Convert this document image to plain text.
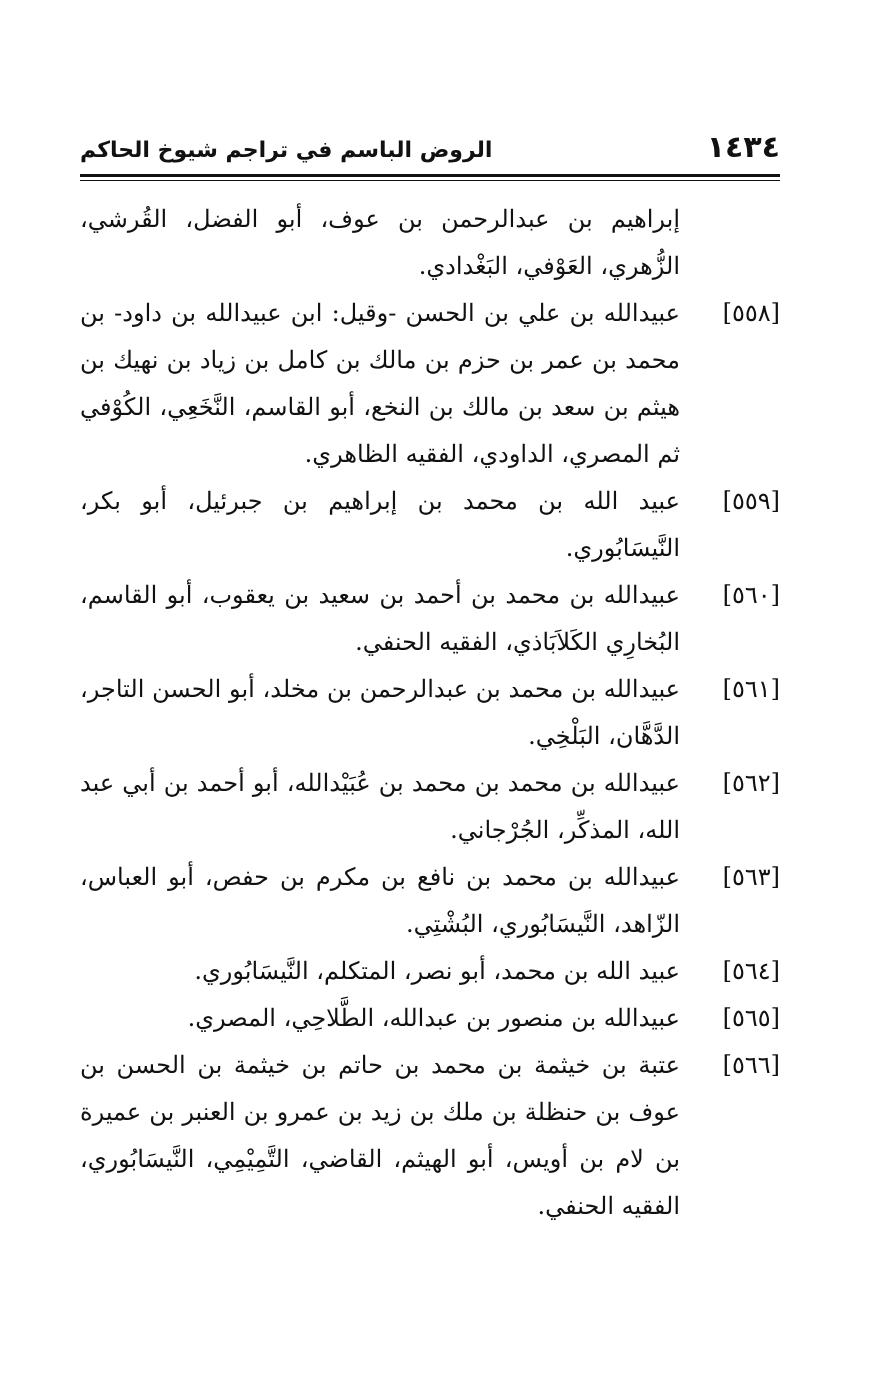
١٤٣٤
الروض الباسم في تراجم شيوخ الحاكم

إبراهيم بن عبدالرحمن بن عوف، أبو الفضل، القُرشي، الزُّهري، العَوْفي، البَغْدادي.

[٥٥٨]
عبيدالله بن علي بن الحسن -وقيل: ابن عبيدالله بن داود- بن محمد بن عمر بن حزم بن مالك بن كامل بن زياد بن نهيك بن هيثم بن سعد بن مالك بن النخع، أبو القاسم، النَّخَعِي، الكُوْفي ثم المصري، الداودي، الفقيه الظاهري.

[٥٥٩]
عبيد الله بن محمد بن إبراهيم بن جبرئيل، أبو بكر، النَّيسَابُوري.

[٥٦٠]
عبيدالله بن محمد بن أحمد بن سعيد بن يعقوب، أبو القاسم، البُخارِي الكَلاَبَاذي، الفقيه الحنفي.

[٥٦١]
عبيدالله بن محمد بن عبدالرحمن بن مخلد، أبو الحسن التاجر، الدَّهَّان، البَلْخِي.

[٥٦٢]
عبيدالله بن محمد بن محمد بن عُبَيْدالله، أبو أحمد بن أبي عبد الله، المذكِّر، الجُرْجاني.

[٥٦٣]
عبيدالله بن محمد بن نافع بن مكرم بن حفص، أبو العباس، الزّاهد، النَّيسَابُوري، البُشْتِي.

[٥٦٤]
عبيد الله بن محمد، أبو نصر، المتكلم، النَّيسَابُوري.

[٥٦٥]
عبيدالله بن منصور بن عبدالله، الطَّلاحِي، المصري.

[٥٦٦]
عتبة بن خيثمة بن محمد بن حاتم بن خيثمة بن الحسن بن عوف بن حنظلة بن ملك بن زيد بن عمرو بن العنبر بن عميرة بن لام بن أويس، أبو الهيثم، القاضي، التَّمِيْمِي، النَّيسَابُوري، الفقيه الحنفي.
